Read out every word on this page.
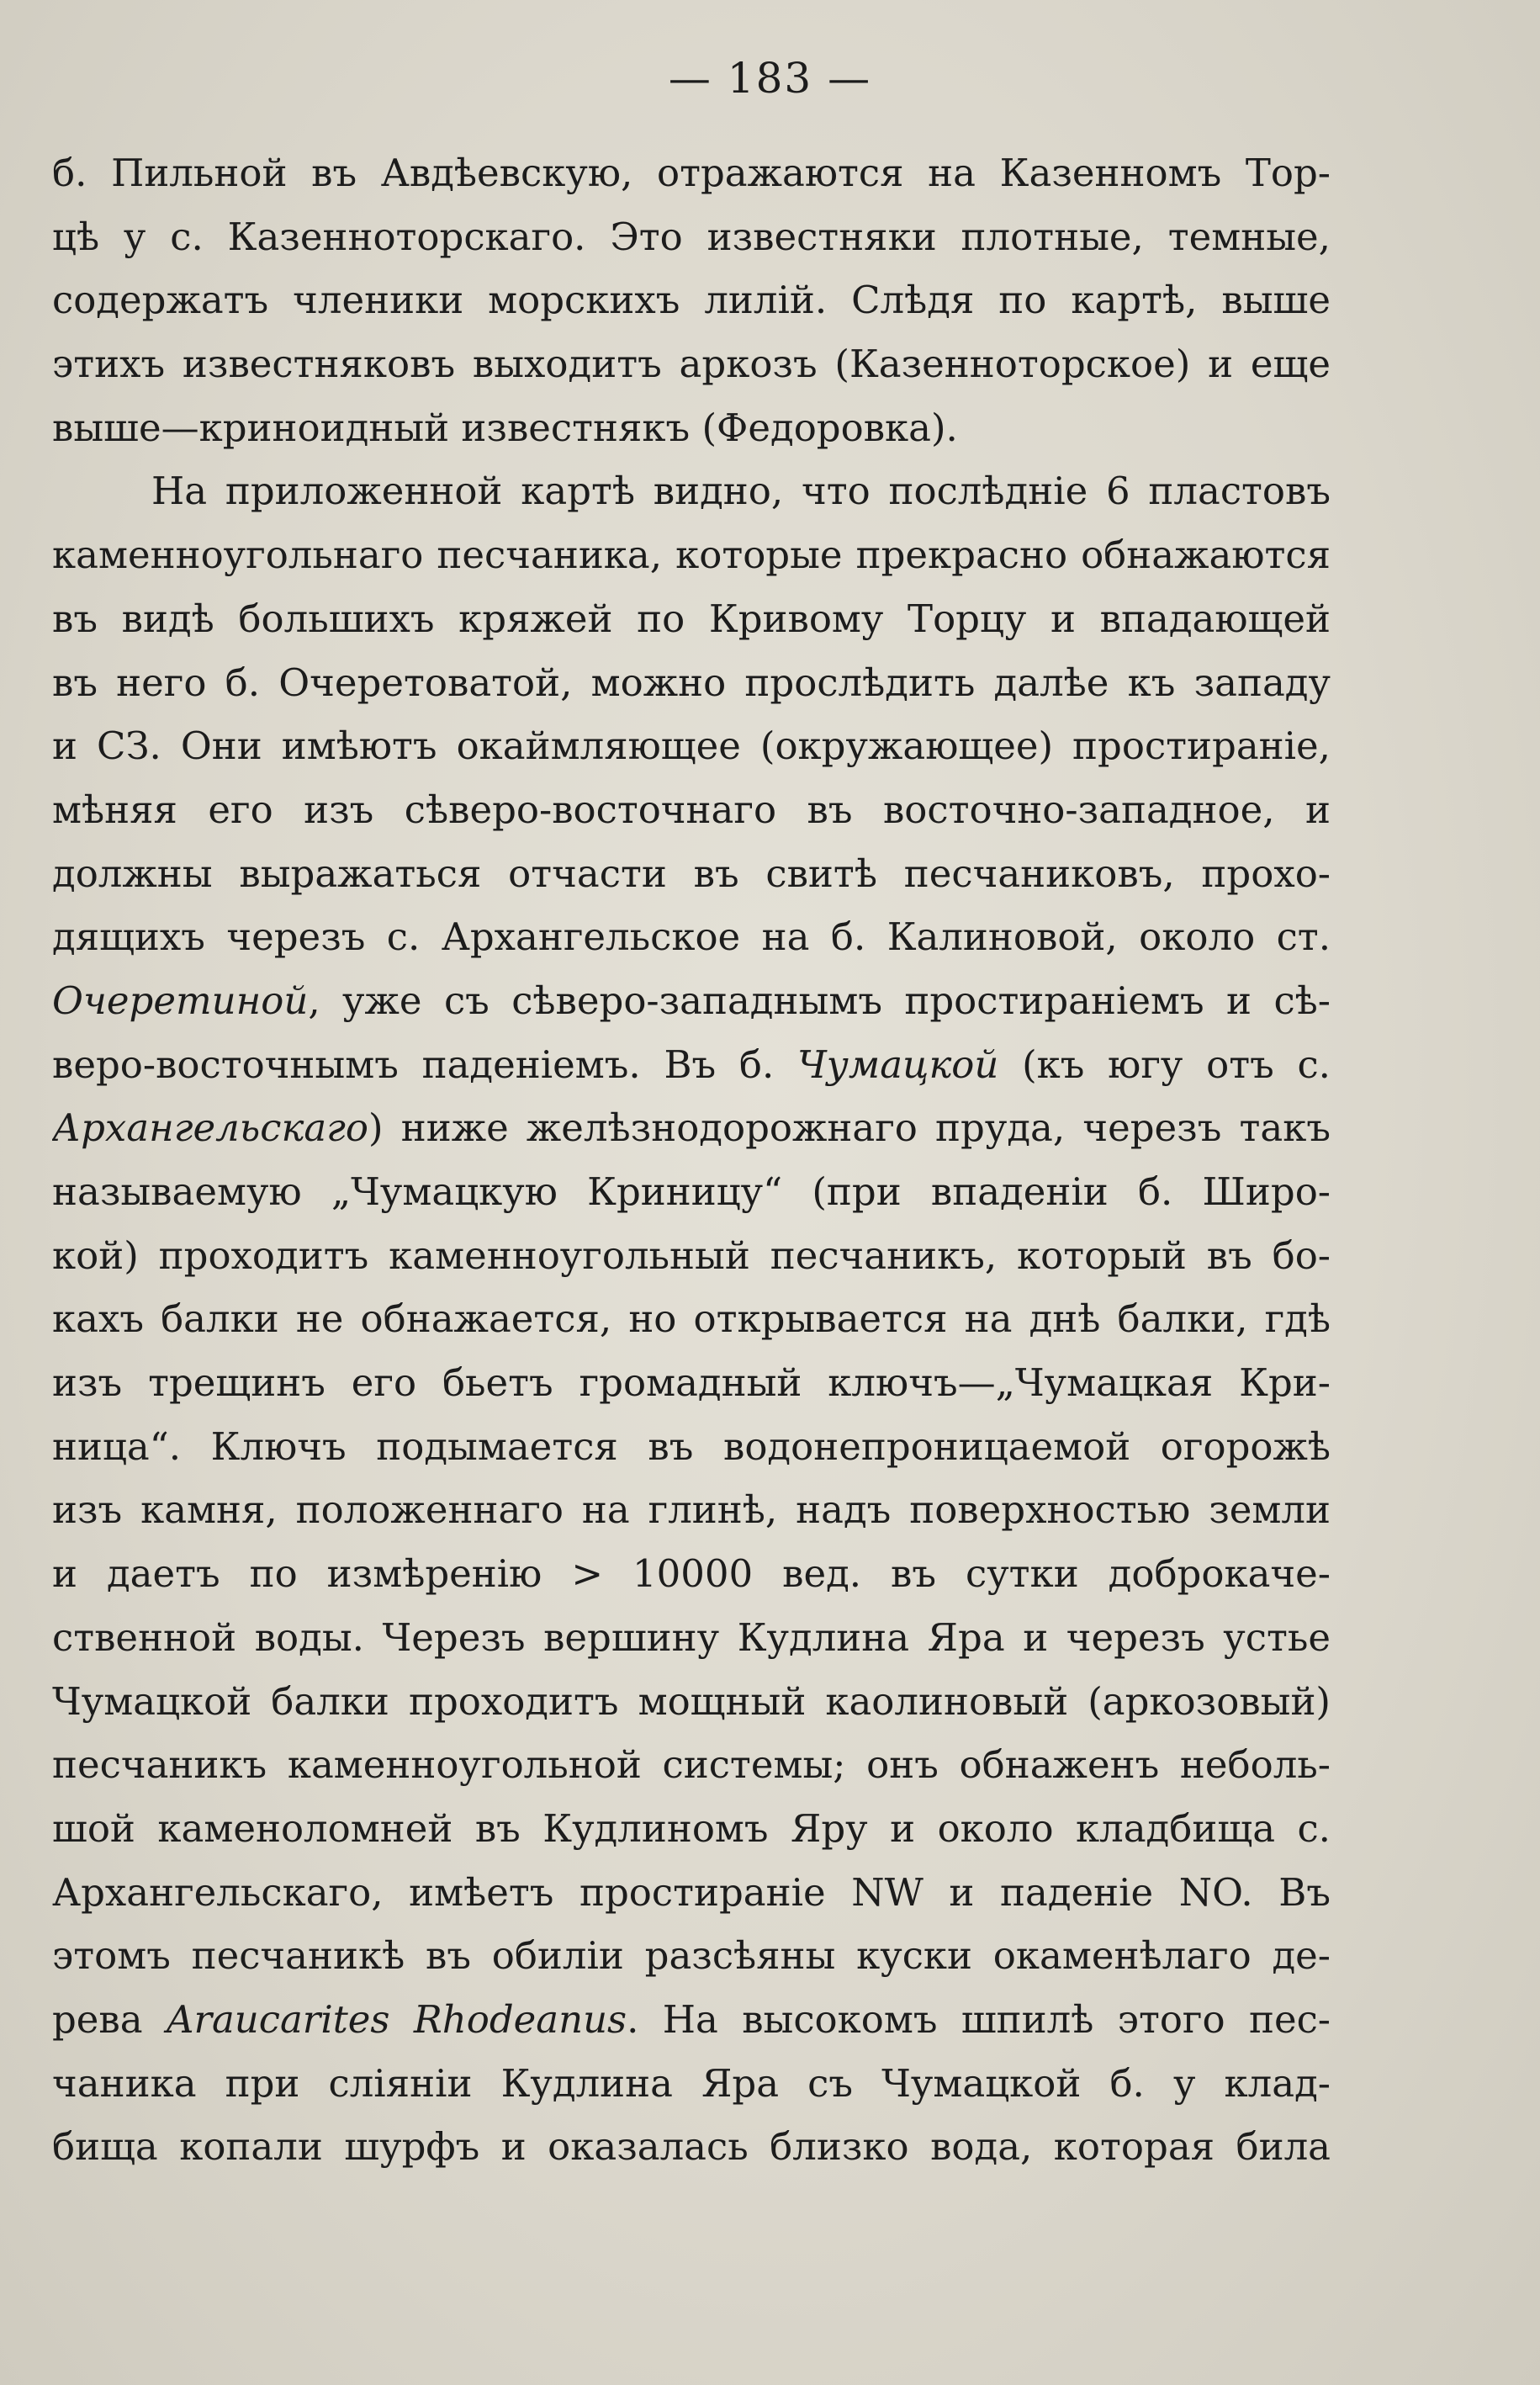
— 183 —
б. Пильной въ Авдѣевскую, отражаются на Казенномъ Тор-
цѣ у с. Казенноторскаго. Это известняки плотные, темные,
содержатъ членики морскихъ лилій. Слѣдя по картѣ, выше
этихъ известняковъ выходитъ аркозъ (Казенноторское) и еще
выше—криноидный известнякъ (Федоровка).
На приложенной картѣ видно, что послѣдніе 6 пластовъ
каменноугольнаго песчаника, которые прекрасно обнажаются
въ видѣ большихъ кряжей по Кривому Торцу и впадающей
въ него б. Очеретоватой, можно прослѣдить далѣе къ западу
и СЗ. Они имѣютъ окаймляющее (окружающее) простираніе,
мѣняя его изъ сѣверо-восточнаго въ восточно-западное, и
должны выражаться отчасти въ свитѣ песчаниковъ, прохо-
дящихъ черезъ с. Архангельское на б. Калиновой, около ст.
Очеретиной, уже съ сѣверо-западнымъ простираніемъ и сѣ-
веро-восточнымъ паденіемъ. Въ б. Чумацкой (къ югу отъ с.
Архангельскаго) ниже желѣзнодорожнаго пруда, черезъ такъ
называемую „Чумацкую Криницу“ (при впаденіи б. Широ-
кой) проходитъ каменноугольный песчаникъ, который въ бо-
кахъ балки не обнажается, но открывается на днѣ балки, гдѣ
изъ трещинъ его бьетъ громадный ключъ—„Чумацкая Кри-
ница“. Ключъ подымается въ водонепроницаемой огорожѣ
изъ камня, положеннаго на глинѣ, надъ поверхностью земли
и даетъ по измѣренію > 10000 вед. въ сутки доброкаче-
ственной воды. Черезъ вершину Кудлина Яра и черезъ устье
Чумацкой балки проходитъ мощный каолиновый (аркозовый)
песчаникъ каменноугольной системы; онъ обнаженъ неболь-
шой каменоломней въ Кудлиномъ Яру и около кладбища с.
Архангельскаго, имѣетъ простираніе NW и паденіе NO. Въ
этомъ песчаникѣ въ обиліи разсѣяны куски окаменѣлаго де-
рева Araucarites Rhodeanus. На высокомъ шпилѣ этого пес-
чаника при сліяніи Кудлина Яра съ Чумацкой б. у клад-
бища копали шурфъ и оказалась близко вода, которая била
